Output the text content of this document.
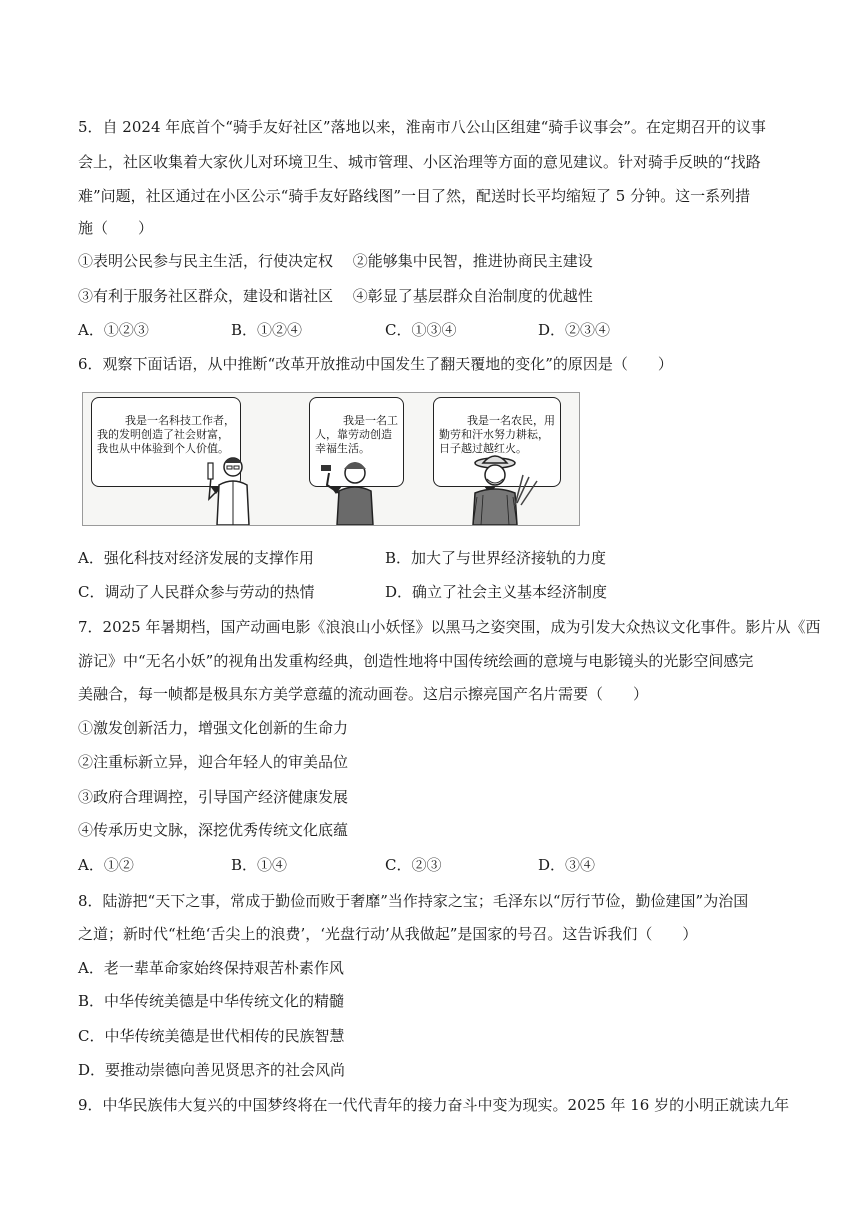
5．自 2024 年底首个“骑手友好社区”落地以来，淮南市八公山区组建“骑手议事会”。在定期召开的议事
会上，社区收集着大家伙儿对环境卫生、城市管理、小区治理等方面的意见建议。针对骑手反映的“找路
难”问题，社区通过在小区公示“骑手友好路线图”一目了然，配送时长平均缩短了 5 分钟。这一系列措
施（　　）
①表明公民参与民主生活，行使决定权　 ②能够集中民智，推进协商民主建设
③有利于服务社区群众，建设和谐社区　 ④彰显了基层群众自治制度的优越性
A．①②③	B．①②④	C．①③④	D．②③④
6．观察下面话语，从中推断“改革开放推动中国发生了翻天覆地的变化”的原因是（　　）

我是一名科技工作者，
我的发明创造了社会财富，
我也从中体验到个人价值。

我是一名工
人，靠劳动创造
幸福生活。

我是一名农民，用
勤劳和汗水努力耕耘，
日子越过越红火。

A．强化科技对经济发展的支撑作用	B．加大了与世界经济接轨的力度
C．调动了人民群众参与劳动的热情	D．确立了社会主义基本经济制度
7．2025 年暑期档，国产动画电影《浪浪山小妖怪》以黑马之姿突围，成为引发大众热议文化事件。影片从《西
游记》中“无名小妖”的视角出发重构经典，创造性地将中国传统绘画的意境与电影镜头的光影空间感完
美融合，每一帧都是极具东方美学意蕴的流动画卷。这启示擦亮国产名片需要（　　）
①激发创新活力，增强文化创新的生命力
②注重标新立异，迎合年轻人的审美品位
③政府合理调控，引导国产经济健康发展
④传承历史文脉，深挖优秀传统文化底蕴
A．①②	B．①④	C．②③	D．③④
8．陆游把“天下之事，常成于勤俭而败于奢靡”当作持家之宝；毛泽东以“厉行节俭，勤俭建国”为治国
之道；新时代“杜绝‘舌尖上的浪费’，‘光盘行动’从我做起”是国家的号召。这告诉我们（　　）
A．老一辈革命家始终保持艰苦朴素作风
B．中华传统美德是中华传统文化的精髓
C．中华传统美德是世代相传的民族智慧
D．要推动崇德向善见贤思齐的社会风尚
9．中华民族伟大复兴的中国梦终将在一代代青年的接力奋斗中变为现实。2025 年 16 岁的小明正就读九年
